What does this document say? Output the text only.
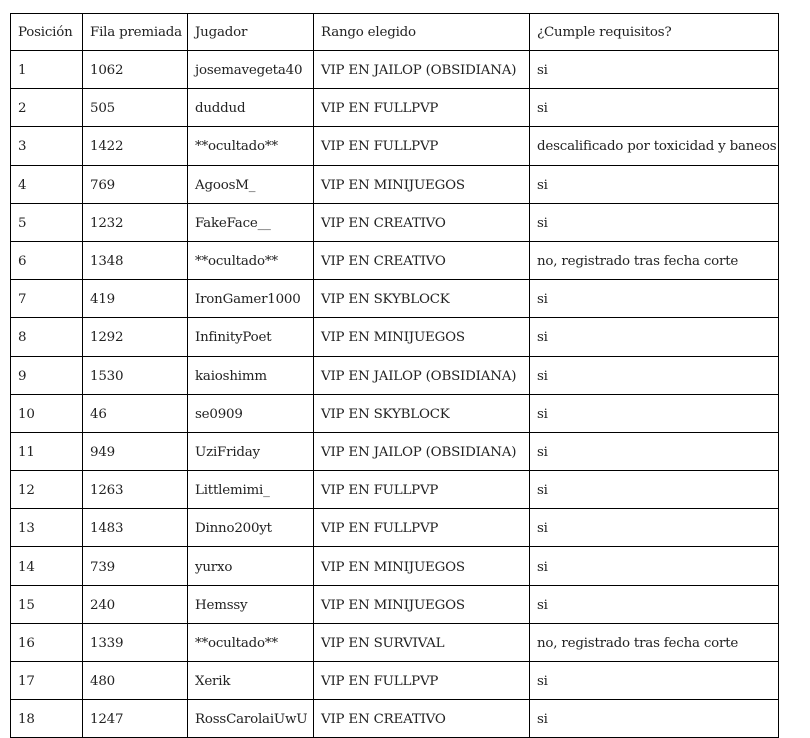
Posición	Fila premiada	Jugador	Rango elegido	¿Cumple requisitos?
1	1062	josemavegeta40	VIP EN JAILOP (OBSIDIANA)	si
2	505	duddud	VIP EN FULLPVP	si
3	1422	**ocultado**	VIP EN FULLPVP	descalificado por toxicidad y baneos
4	769	AgoosM_	VIP EN MINIJUEGOS	si
5	1232	FakeFace__	VIP EN CREATIVO	si
6	1348	**ocultado**	VIP EN CREATIVO	no, registrado tras fecha corte
7	419	IronGamer1000	VIP EN SKYBLOCK	si
8	1292	InfinityPoet	VIP EN MINIJUEGOS	si
9	1530	kaioshimm	VIP EN JAILOP (OBSIDIANA)	si
10	46	se0909	VIP EN SKYBLOCK	si
11	949	UziFriday	VIP EN JAILOP (OBSIDIANA)	si
12	1263	Littlemimi_	VIP EN FULLPVP	si
13	1483	Dinno200yt	VIP EN FULLPVP	si
14	739	yurxo	VIP EN MINIJUEGOS	si
15	240	Hemssy	VIP EN MINIJUEGOS	si
16	1339	**ocultado**	VIP EN SURVIVAL	no, registrado tras fecha corte
17	480	Xerik	VIP EN FULLPVP	si
18	1247	RossCarolaiUwU	VIP EN CREATIVO	si
